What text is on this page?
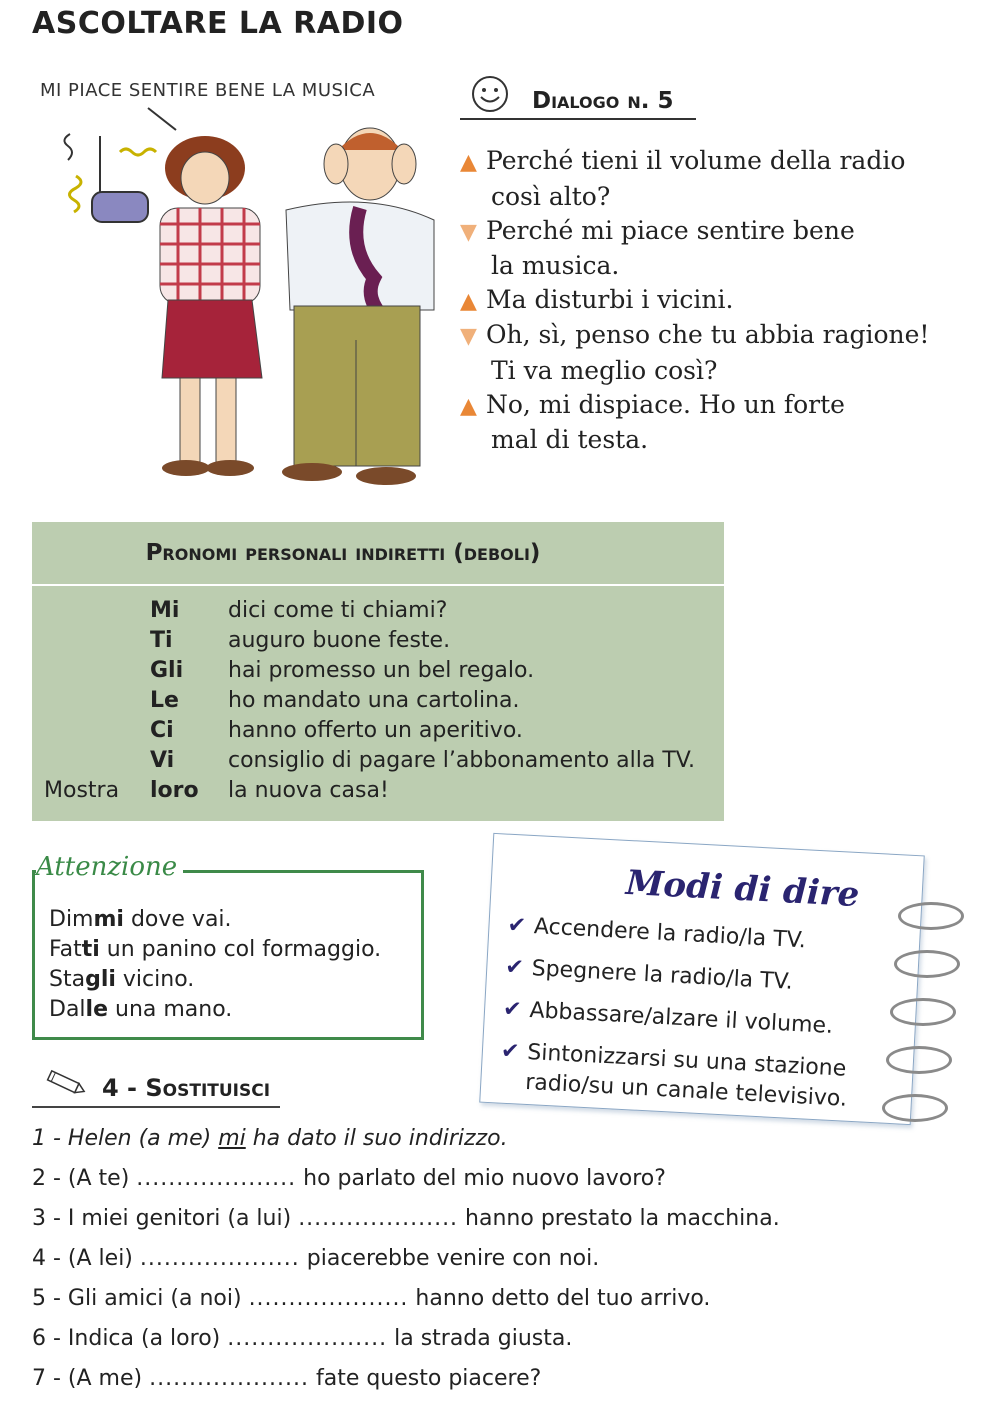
ASCOLTARE LA RADIO
MI PIACE SENTIRE BENE LA MUSICA	Dialogo n. 5
▲ Perché tieni il volume della radio
così alto?
▼ Perché mi piace sentire bene
la musica.
▲ Ma disturbi i vicini.
▼ Oh, sì, penso che tu abbia ragione!
Ti va meglio così?
▲ No, mi dispiace. Ho un forte
mal di testa.
Pronomi personali indiretti (deboli)
Mi	dici come ti chiami?
Ti	auguro buone feste.
Gli	hai promesso un bel regalo.
Le	ho mandato una cartolina.
Ci	hanno offerto un aperitivo.
Vi	consiglio di pagare l’abbonamento alla TV.
Mostra	loro	la nuova casa!
Dimmi dove vai.
Fatti un panino col formaggio.
Stagli vicino.
Dalle una mano.
Attenzione	Modi di dire
✔ Accendere la radio/la TV.
✔ Spegnere la radio/la TV.
✔ Abbassare/alzare il volume.
✔ Sintonizzarsi su una stazione
radio/su un canale televisivo.
4 - Sostituisci
1 - Helen (a me) mi ha dato il suo indirizzo.
2 - (A te) .................... ho parlato del mio nuovo lavoro?
3 - I miei genitori (a lui) .................... hanno prestato la macchina.
4 - (A lei) .................... piacerebbe venire con noi.
5 - Gli amici (a noi) .................... hanno detto del tuo arrivo.
6 - Indica (a loro) .................... la strada giusta.
7 - (A me) .................... fate questo piacere?
